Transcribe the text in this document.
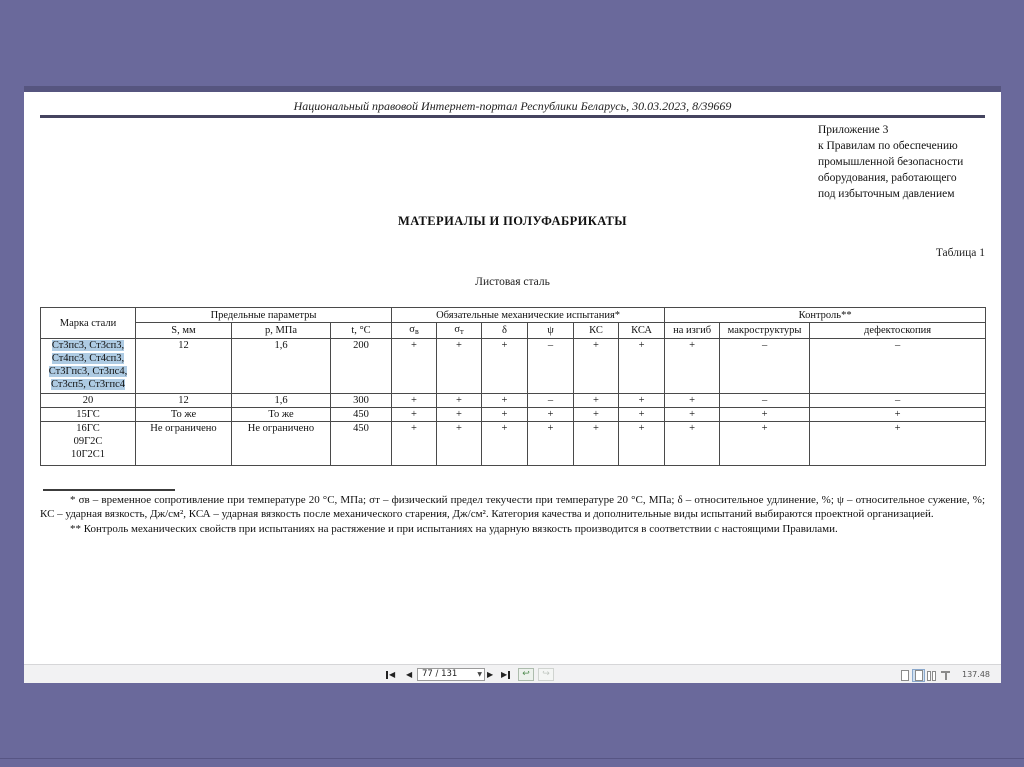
Национальный правовой Интернет-портал Республики Беларусь, 30.03.2023, 8/39669
Приложение 3
к Правилам по обеспечению
промышленной безопасности
оборудования, работающего
под избыточным давлением
МАТЕРИАЛЫ И ПОЛУФАБРИКАТЫ
Таблица 1
Листовая сталь
Марка стали	Предельные параметры			Обязательные механические испытания*						Контроль**		
	S, мм	p, МПа	t, °С	$\sigma_в$	$\sigma_т$	δ	ψ	КС	КСА	на изгиб	макроструктуры	дефектоскопия

Ст3пс3, Ст3сп3,
Ст4пс3, Ст4сп3,
Ст3Гпс3, Ст3пс4,
Ст3сп5, Ст3гпс4	12	1,6	200	+	+	+	–	+	+	+	–	–

20	12	1,6	300	+	+	+	–	+	+	+	–	–

15ГС	То же	То же	450	+	+	+	+	+	+	+	+	+

16ГС
09Г2С
10Г2С1	Не ограничено	Не ограничено	450	+	+	+	+	+	+	+	+	+

* σв – временное сопротивление при температуре 20 °С, МПа; σт – физический предел текучести при температуре 20 °С, МПа; δ – относительное удлинение, %; ψ – относительное сужение, %; КС – ударная вязкость, Дж/см², КСА – ударная вязкость после механического старения, Дж/см². Категория качества и дополнительные виды испытаний выбираются проектной организацией.

** Контроль механических свойств при испытаниях на растяжение и при испытаниях на ударную вязкость производится в соответствии с настоящими Правилами.

◀ ◀ 77 / 131	▼ ▶ ▶	↩	↪	137.48
